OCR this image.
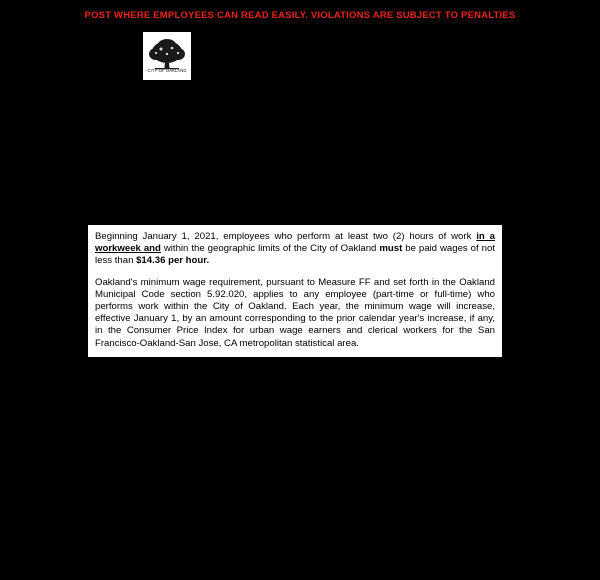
POST WHERE EMPLOYEES CAN READ EASILY. VIOLATIONS ARE SUBJECT TO PENALTIES
CITY OF OAKLAND

Beginning January 1, 2021, employees who perform at least two (2) hours of work in a workweek and within the geographic limits of the City of Oakland must be paid wages of not less than $14.36 per hour.

Oakland's minimum wage requirement, pursuant to Measure FF and set forth in the Oakland Municipal Code section 5.92.020, applies to any employee (part-time or full-time) who performs work within the City of Oakland. Each year, the minimum wage will increase, effective January 1, by an amount corresponding to the prior calendar year's increase, if any, in the Consumer Price Index for urban wage earners and clerical workers for the San Francisco-Oakland-San Jose, CA metropolitan statistical area.
